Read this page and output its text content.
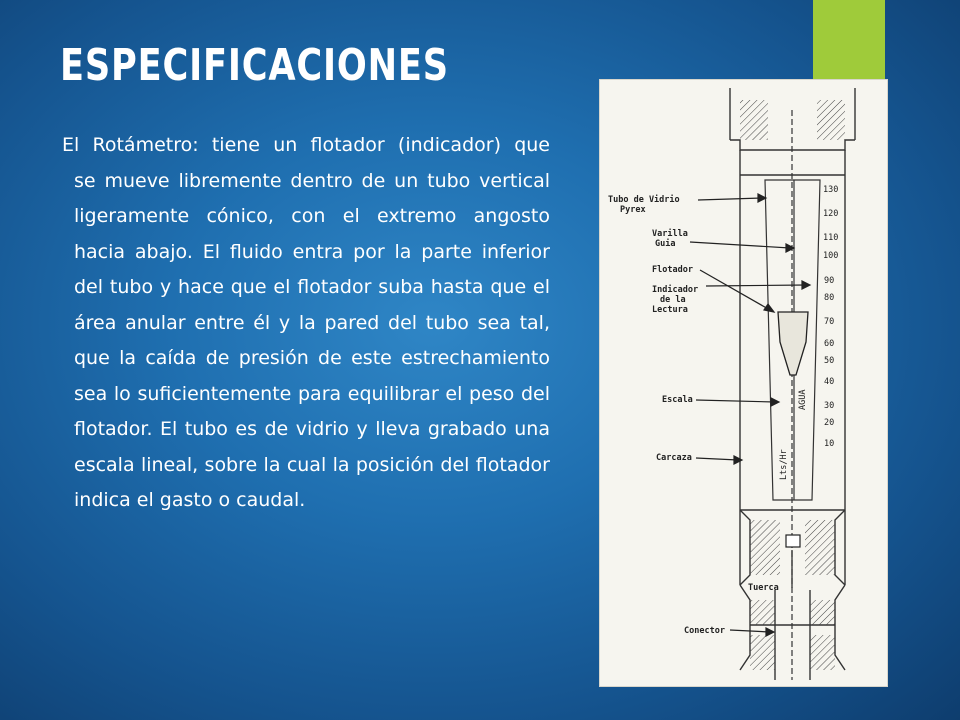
ESPECIFICACIONES
El Rotámetro: tiene un flotador (indicador) que
se mueve libremente dentro de un tubo vertical ligeramente cónico, con el extremo angosto hacia abajo. El fluido entra por la parte inferior del tubo y hace que el flotador suba hasta que el área anular entre él y la pared del tubo sea tal, que la caída de presión de este estrechamiento sea lo suficientemente para equilibrar el peso del flotador. El tubo es de vidrio y lleva grabado una escala lineal, sobre la cual la posición del flotador indica el gasto o caudal.
130
120
110
100
90
80
70
60
50
40
30
20
10
Lts/Hr
AGUA
Tubo de Vidrio
Pyrex
Varilla
Guia
Flotador
Indicador
de la
Lectura
Escala
Carcaza
Tuerca
Conector
